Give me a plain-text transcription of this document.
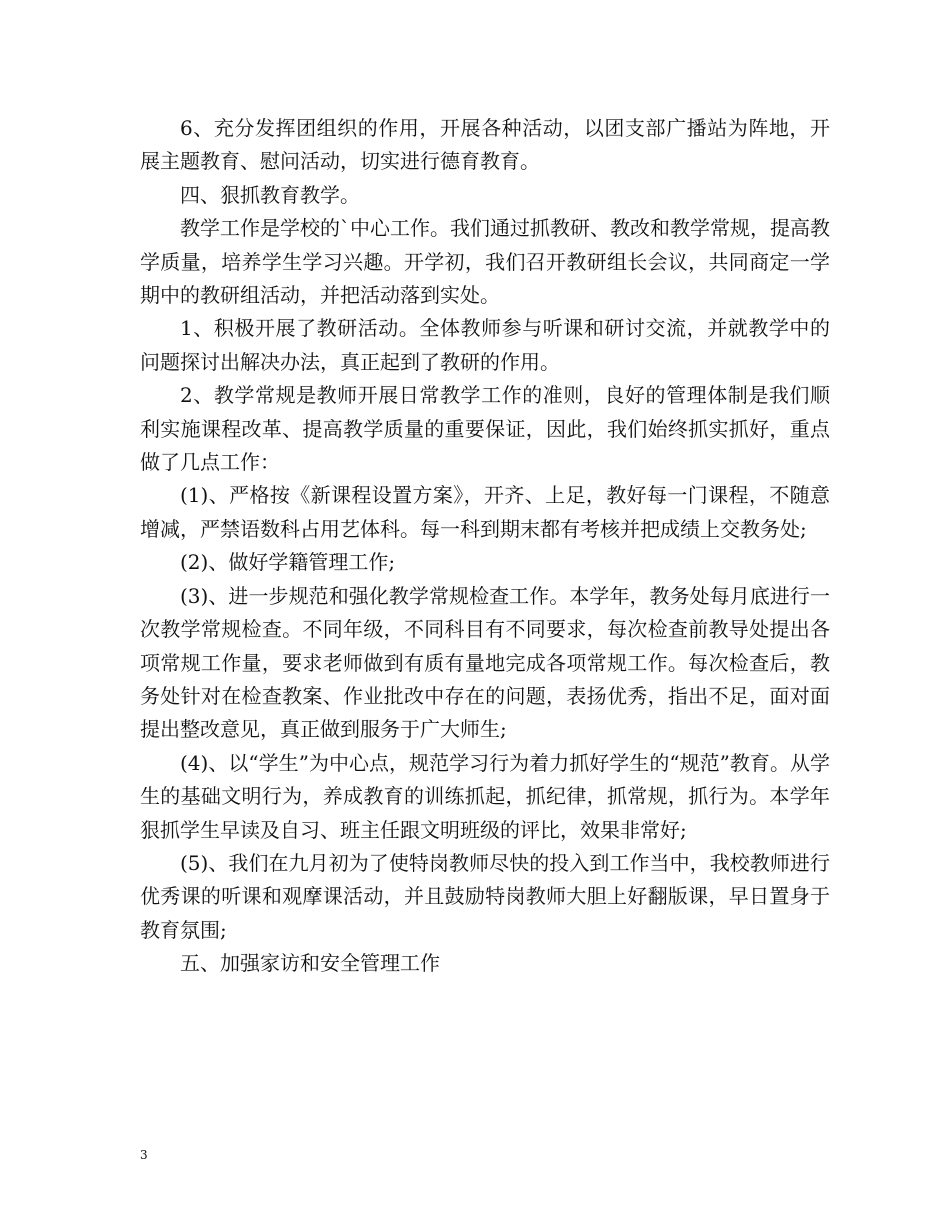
6、充分发挥团组织的作用，开展各种活动，以团支部广播站为阵地，开展主题教育、慰问活动，切实进行德育教育。

四、狠抓教育教学。

教学工作是学校的`中心工作。我们通过抓教研、教改和教学常规，提高教学质量，培养学生学习兴趣。开学初，我们召开教研组长会议，共同商定一学期中的教研组活动，并把活动落到实处。

1、积极开展了教研活动。全体教师参与听课和研讨交流，并就教学中的问题探讨出解决办法，真正起到了教研的作用。

2、教学常规是教师开展日常教学工作的准则，良好的管理体制是我们顺利实施课程改革、提高教学质量的重要保证，因此，我们始终抓实抓好，重点做了几点工作：

(1)、严格按《新课程设置方案》，开齐、上足，教好每一门课程，不随意增减，严禁语数科占用艺体科。每一科到期末都有考核并把成绩上交教务处;

(2)、做好学籍管理工作;

(3)、进一步规范和强化教学常规检查工作。本学年，教务处每月底进行一次教学常规检查。不同年级，不同科目有不同要求，每次检查前教导处提出各项常规工作量，要求老师做到有质有量地完成各项常规工作。每次检查后，教务处针对在检查教案、作业批改中存在的问题，表扬优秀，指出不足，面对面提出整改意见，真正做到服务于广大师生;

(4)、以“学生”为中心点，规范学习行为着力抓好学生的“规范”教育。从学生的基础文明行为，养成教育的训练抓起，抓纪律，抓常规，抓行为。本学年狠抓学生早读及自习、班主任跟文明班级的评比，效果非常好;

(5)、我们在九月初为了使特岗教师尽快的投入到工作当中，我校教师进行优秀课的听课和观摩课活动，并且鼓励特岗教师大胆上好翻版课，早日置身于教育氛围;

五、加强家访和安全管理工作

3
